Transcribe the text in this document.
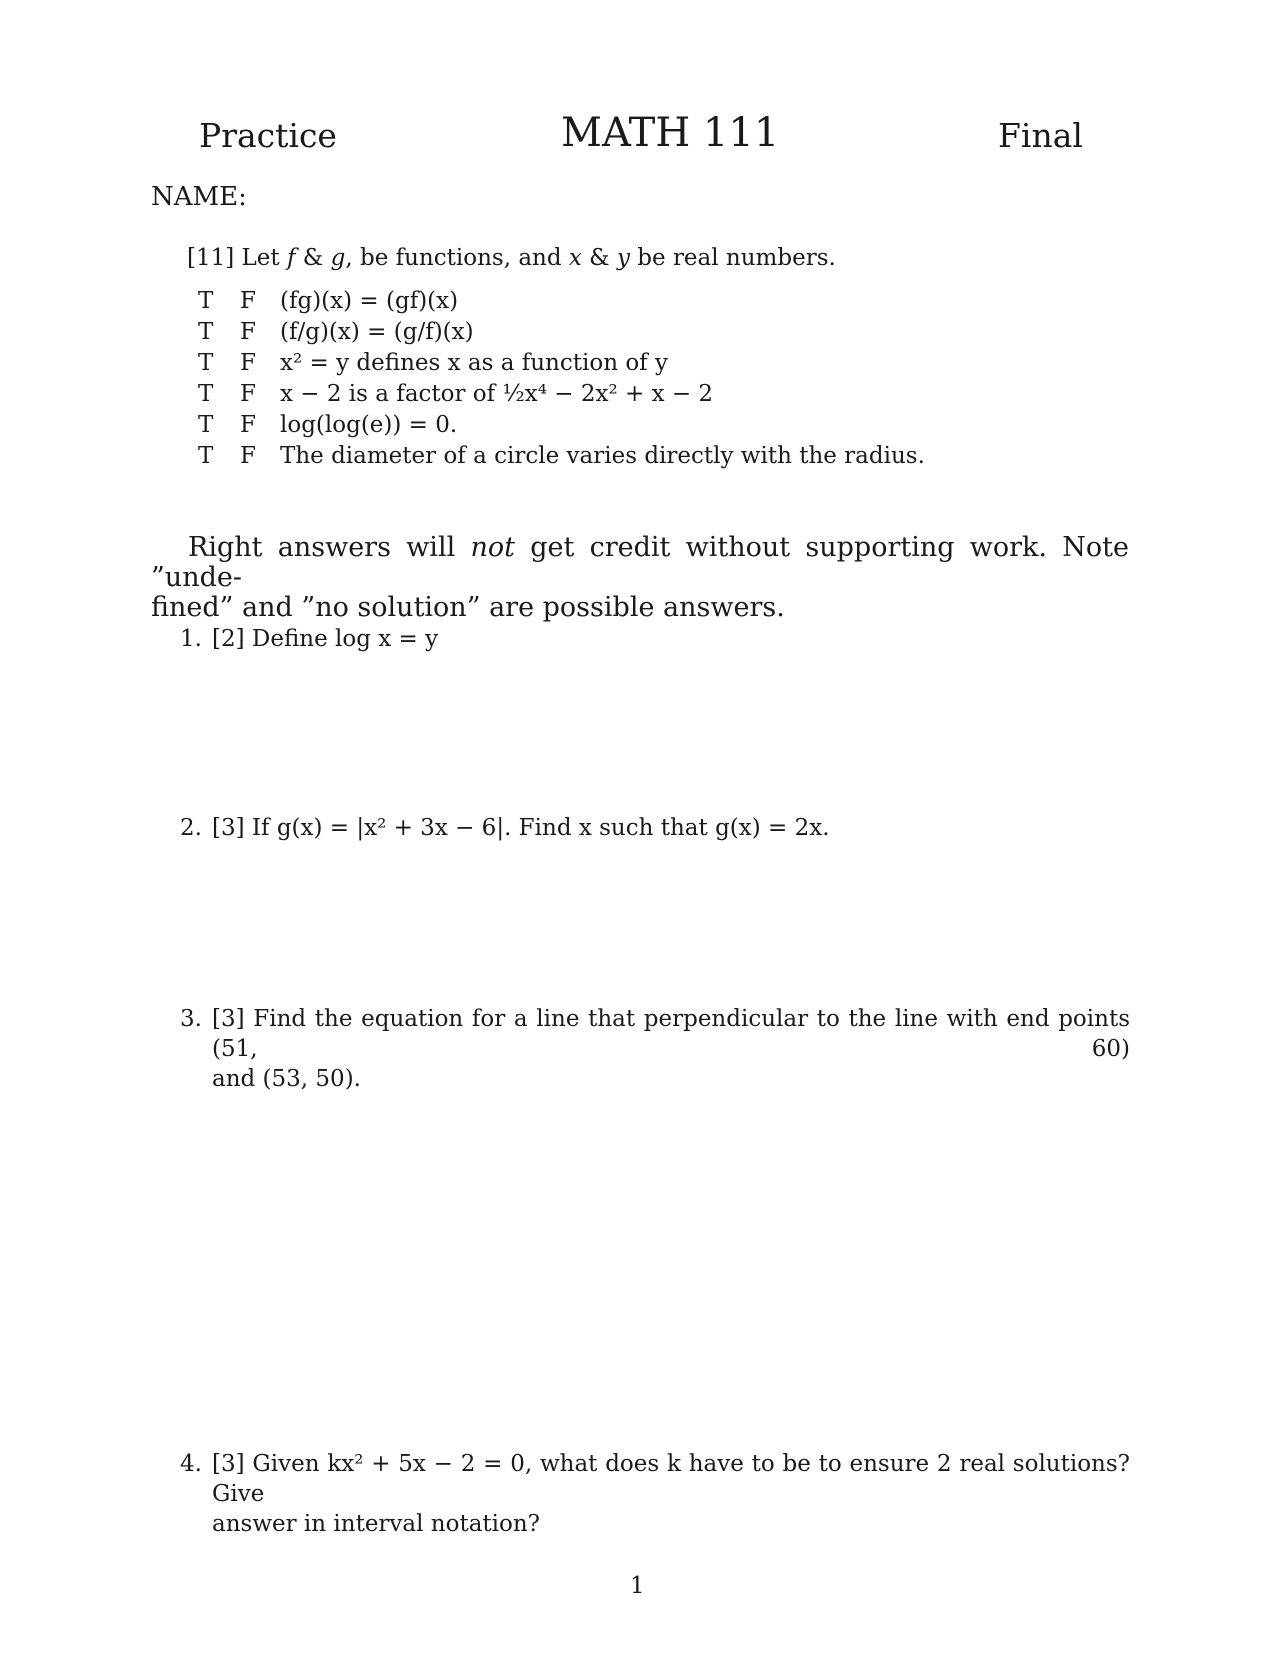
Practice	MATH 111	Final
NAME:
[11] Let f & g, be functions, and x & y be real numbers.
T	F	(fg)(x) = (gf)(x)
T	F	(f/g)(x) = (g/f)(x)
T	F	x² = y defines x as a function of y
T	F	x − 2 is a factor of ½x⁴ − 2x² + x − 2
T	F	log(log(e)) = 0.
T	F	The diameter of a circle varies directly with the radius.
Right answers will not get credit without supporting work. Note ”unde-
fined” and ”no solution” are possible answers.
1. [2] Define log x = y
2. [3] If g(x) = |x² + 3x − 6|. Find x such that g(x) = 2x.
3. [3] Find the equation for a line that perpendicular to the line with end points (51, 60)
and (53, 50).
4. [3] Given kx² + 5x − 2 = 0, what does k have to be to ensure 2 real solutions? Give
answer in interval notation?
1
